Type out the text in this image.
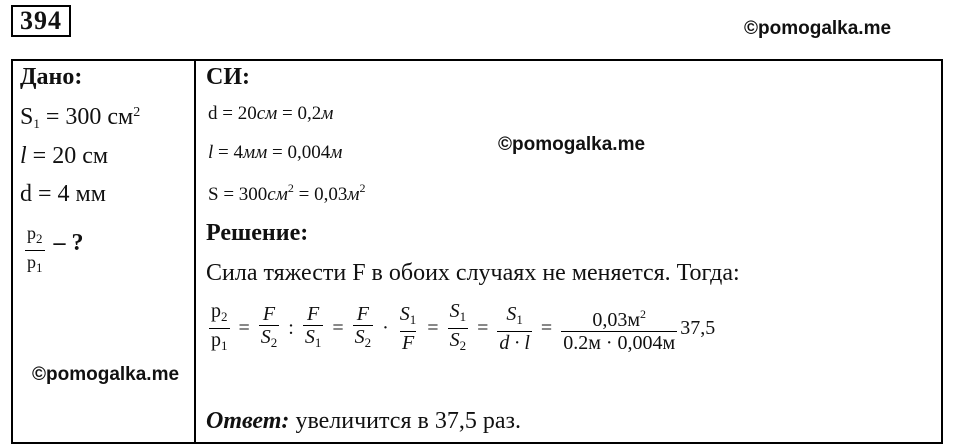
394	©pomogalka.me
©pomogalka.me
©pomogalka.me
Дано:
$S_1 = 300$ $см^2$
l = 20 см
d = 4 мм
$\frac{p_2}{p_1}$ – ?
СИ:
d = 20см = 0,2м
l = 4мм = 0,004м
$S = 300см^2 = 0,03м^2$
Решение:
Сила тяжести F в обоих случаях не меняется. Тогда:
$\frac{p_2}{p_1} = \frac{F}{S_2}$ : $\frac{F}{S_1} = \frac{F}{S_2} \cdot \frac{S_1}{F} = \frac{S_1}{S_2} = \frac{S_1}{d \cdot l} = \frac{0,03м^2}{0.2м \cdot 0,004м} 37,5$
Ответ: увеличится в 37,5 раз.
